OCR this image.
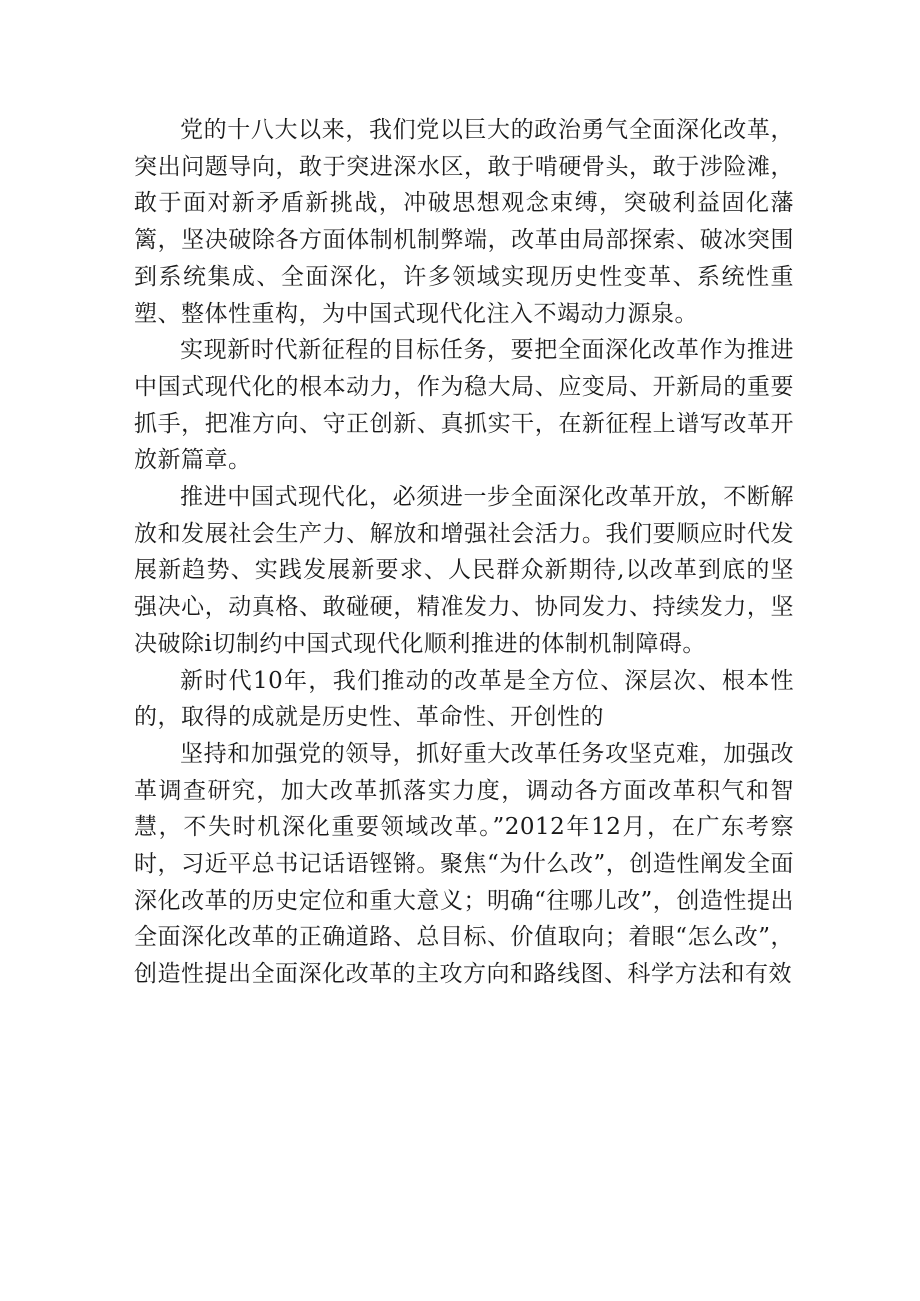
党的十八大以来，我们党以巨大的政治勇气全面深化改革，突出问题导向，敢于突进深水区，敢于啃硬骨头，敢于涉险滩，敢于面对新矛盾新挑战，冲破思想观念束缚，突破利益固化藩篱，坚决破除各方面体制机制弊端，改革由局部探索、破冰突围到系统集成、全面深化，许多领域实现历史性变革、系统性重塑、整体性重构，为中国式现代化注入不竭动力源泉。

实现新时代新征程的目标任务，要把全面深化改革作为推进中国式现代化的根本动力，作为稳大局、应变局、开新局的重要抓手，把准方向、守正创新、真抓实干，在新征程上谱写改革开放新篇章。

推进中国式现代化，必须进一步全面深化改革开放，不断解放和发展社会生产力、解放和增强社会活力。我们要顺应时代发展新趋势、实践发展新要求、人民群众新期待,以改革到底的坚强决心，动真格、敢碰硬，精准发力、协同发力、持续发力，坚决破除i切制约中国式现代化顺利推进的体制机制障碍。

新时代10年，我们推动的改革是全方位、深层次、根本性的，取得的成就是历史性、革命性、开创性的

坚持和加强党的领导，抓好重大改革任务攻坚克难，加强改革调查研究，加大改革抓落实力度，调动各方面改革积气和智慧，不失时机深化重要领域改革。”2012年12月，在广东考察时，习近平总书记话语铿锵。聚焦“为什么改”，创造性阐发全面深化改革的历史定位和重大意义；明确“往哪儿改”，创造性提出全面深化改革的正确道路、总目标、价值取向；着眼“怎么改”，创造性提出全面深化改革的主攻方向和路线图、科学方法和有效
